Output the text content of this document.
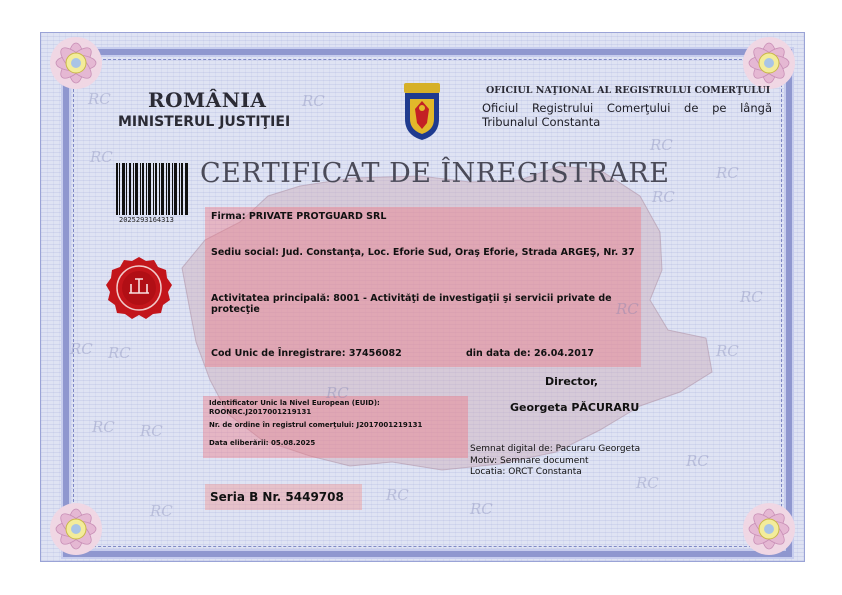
RC	RC
RC
RC
RC
RC
RC
RC
RC
RC RC
RC RC
RC
RC
RC
RC
RC	RC
ROMÂNIA
MINISTERUL JUSTIŢIEI
OFICIUL NAŢIONAL AL REGISTRULUI COMERŢULUI
Oficiul Registrului Comerţului de pe lângă Tribunalul Constanta
2025293164313
CERTIFICAT DE ÎNREGISTRARE
Firma: PRIVATE PROTGUARD SRL
Sediu social: Jud. Constanţa, Loc. Eforie Sud, Oraş Eforie, Strada ARGEŞ, Nr. 37
Activitatea principală: 8001 - Activităţi de investigaţii şi servicii private de protecţie
Cod Unic de Înregistrare: 37456082	din data de: 26.04.2017
Director,
Georgeta PĂCURARU
Identificator Unic la Nivel European (EUID): ROONRC.J2017001219131
Nr. de ordine în registrul comerţului: J2017001219131
Data eliberării: 05.08.2025
Semnat digital de: Pacuraru Georgeta
Motiv: Semnare document
Locatia: ORCT Constanta
Seria B Nr. 5449708
